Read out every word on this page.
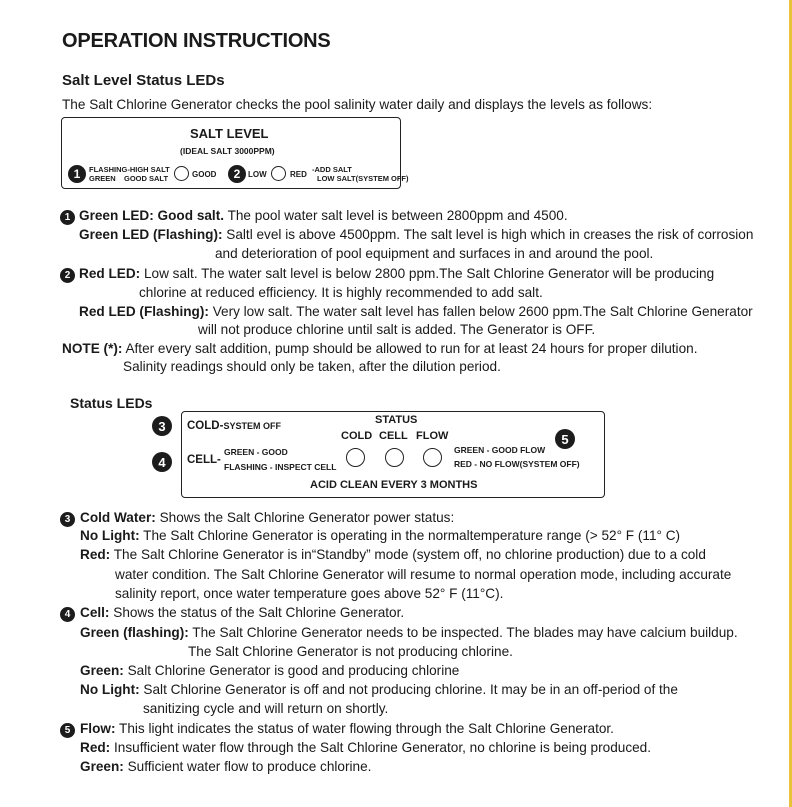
OPERATION INSTRUCTIONS
Salt Level Status LEDs
The Salt Chlorine Generator checks the pool salinity water daily and displays the levels as follows:
SALT LEVEL
(IDEAL SALT 3000PPM)
1	FLASHING-HIGH SALT
GREEN    GOOD SALT	GOOD	2 LOW	RED
-ADD SALT
LOW SALT(SYSTEM OFF)
1 Green LED: Good salt. The pool water salt level is between 2800ppm and 4500.
Green LED (Flashing): Saltl evel is above 4500ppm. The salt level is high which in creases the risk of corrosion
and deterioration of pool equipment and surfaces in and around the pool.
2 Red LED: Low salt. The water salt level is below 2800 ppm.The Salt Chlorine Generator will be producing
chlorine at reduced efficiency. It is highly recommended to add salt.
Red LED (Flashing): Very low salt. The water salt level has fallen below 2600 ppm.The Salt Chlorine Generator
will not produce chlorine until salt is added. The Generator is OFF.
NOTE (*): After every salt addition, pump should be allowed to run for at least 24 hours for proper dilution.
Salinity readings should only be taken, after the dilution period.
Status LEDs
3
4
COLD-SYSTEM OFF
CELL -
GREEN - GOOD
FLASHING - INSPECT CELL
STATUS
COLD CELL FLOW
GREEN - GOOD FLOW
RED - NO FLOW(SYSTEM OFF)
5
ACID CLEAN EVERY 3 MONTHS
3 Cold Water: Shows the Salt Chlorine Generator power status:
No Light: The Salt Chlorine Generator is operating in the normaltemperature range (> 52° F (11° C)
Red: The Salt Chlorine Generator is in“Standby” mode (system off, no chlorine production) due to a cold
water condition. The Salt Chlorine Generator will resume to normal operation mode, including accurate
salinity report, once water temperature goes above 52° F (11°C).
4 Cell: Shows the status of the Salt Chlorine Generator.
Green (flashing): The Salt Chlorine Generator needs to be inspected. The blades may have calcium buildup.
The Salt Chlorine Generator is not producing chlorine.
Green: Salt Chlorine Generator is good and producing chlorine
No Light: Salt Chlorine Generator is off and not producing chlorine. It may be in an off-period of the
sanitizing cycle and will return on shortly.
5 Flow: This light indicates the status of water flowing through the Salt Chlorine Generator.
Red: Insufficient water flow through the Salt Chlorine Generator, no chlorine is being produced.
Green: Sufficient water flow to produce chlorine.
